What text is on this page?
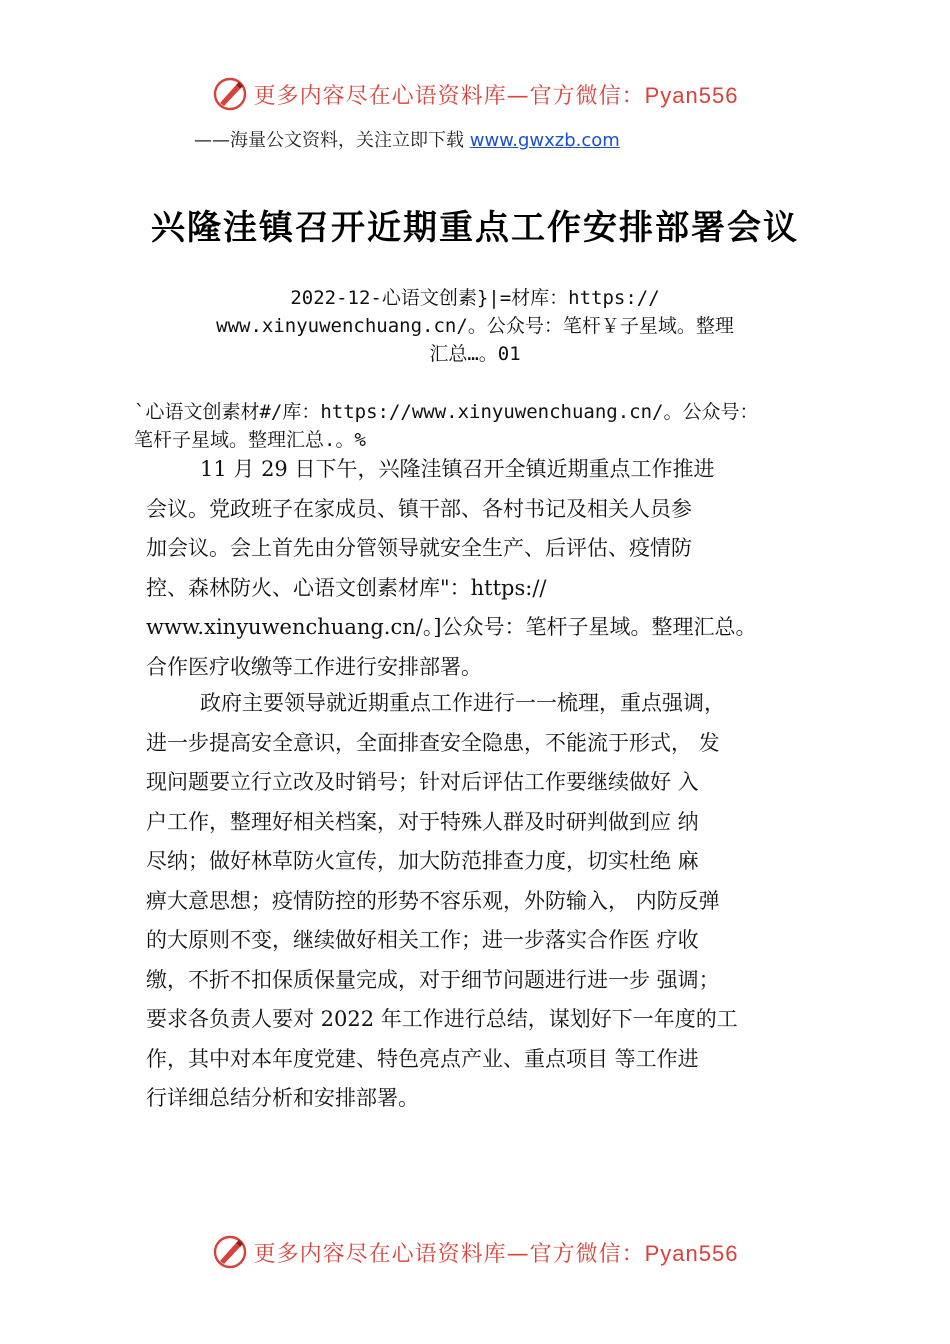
更多内容尽在心语资料库—官方微信：Pyan556
——海量公文资料，关注立即下载 www.gwxzb.com
兴隆洼镇召开近期重点工作安排部署会议
2022-12-心语文创素}|=材库：https://
www.xinyuwenchuang.cn/。公众号：笔杆￥子星域。整理
汇总…。01
`心语文创素材#/库：https://www.xinyuwenchuang.cn/。公众号：
笔杆子星域。整理汇总.。%
11 月 29 日下午，兴隆洼镇召开全镇近期重点工作推进
会议。党政班子在家成员、镇干部、各村书记及相关人员参
加会议。会上首先由分管领导就安全生产、后评估、疫情防
控、森林防火、心语文创素材库"：https://
www.xinyuwenchuang.cn/。]公众号：笔杆子星域。整理汇总。
合作医疗收缴等工作进行安排部署。
政府主要领导就近期重点工作进行一一梳理，重点强调，
进一步提高安全意识，全面排查安全隐患，不能流于形式， 发
现问题要立行立改及时销号；针对后评估工作要继续做好 入
户工作，整理好相关档案，对于特殊人群及时研判做到应 纳
尽纳；做好林草防火宣传，加大防范排查力度，切实杜绝 麻
痹大意思想；疫情防控的形势不容乐观，外防输入， 内防反弹
的大原则不变，继续做好相关工作；进一步落实合作医 疗收
缴，不折不扣保质保量完成，对于细节问题进行进一步 强调；
要求各负责人要对 2022 年工作进行总结，谋划好下一年度的工
作，其中对本年度党建、特色亮点产业、重点项目 等工作进
行详细总结分析和安排部署。
更多内容尽在心语资料库—官方微信：Pyan556
